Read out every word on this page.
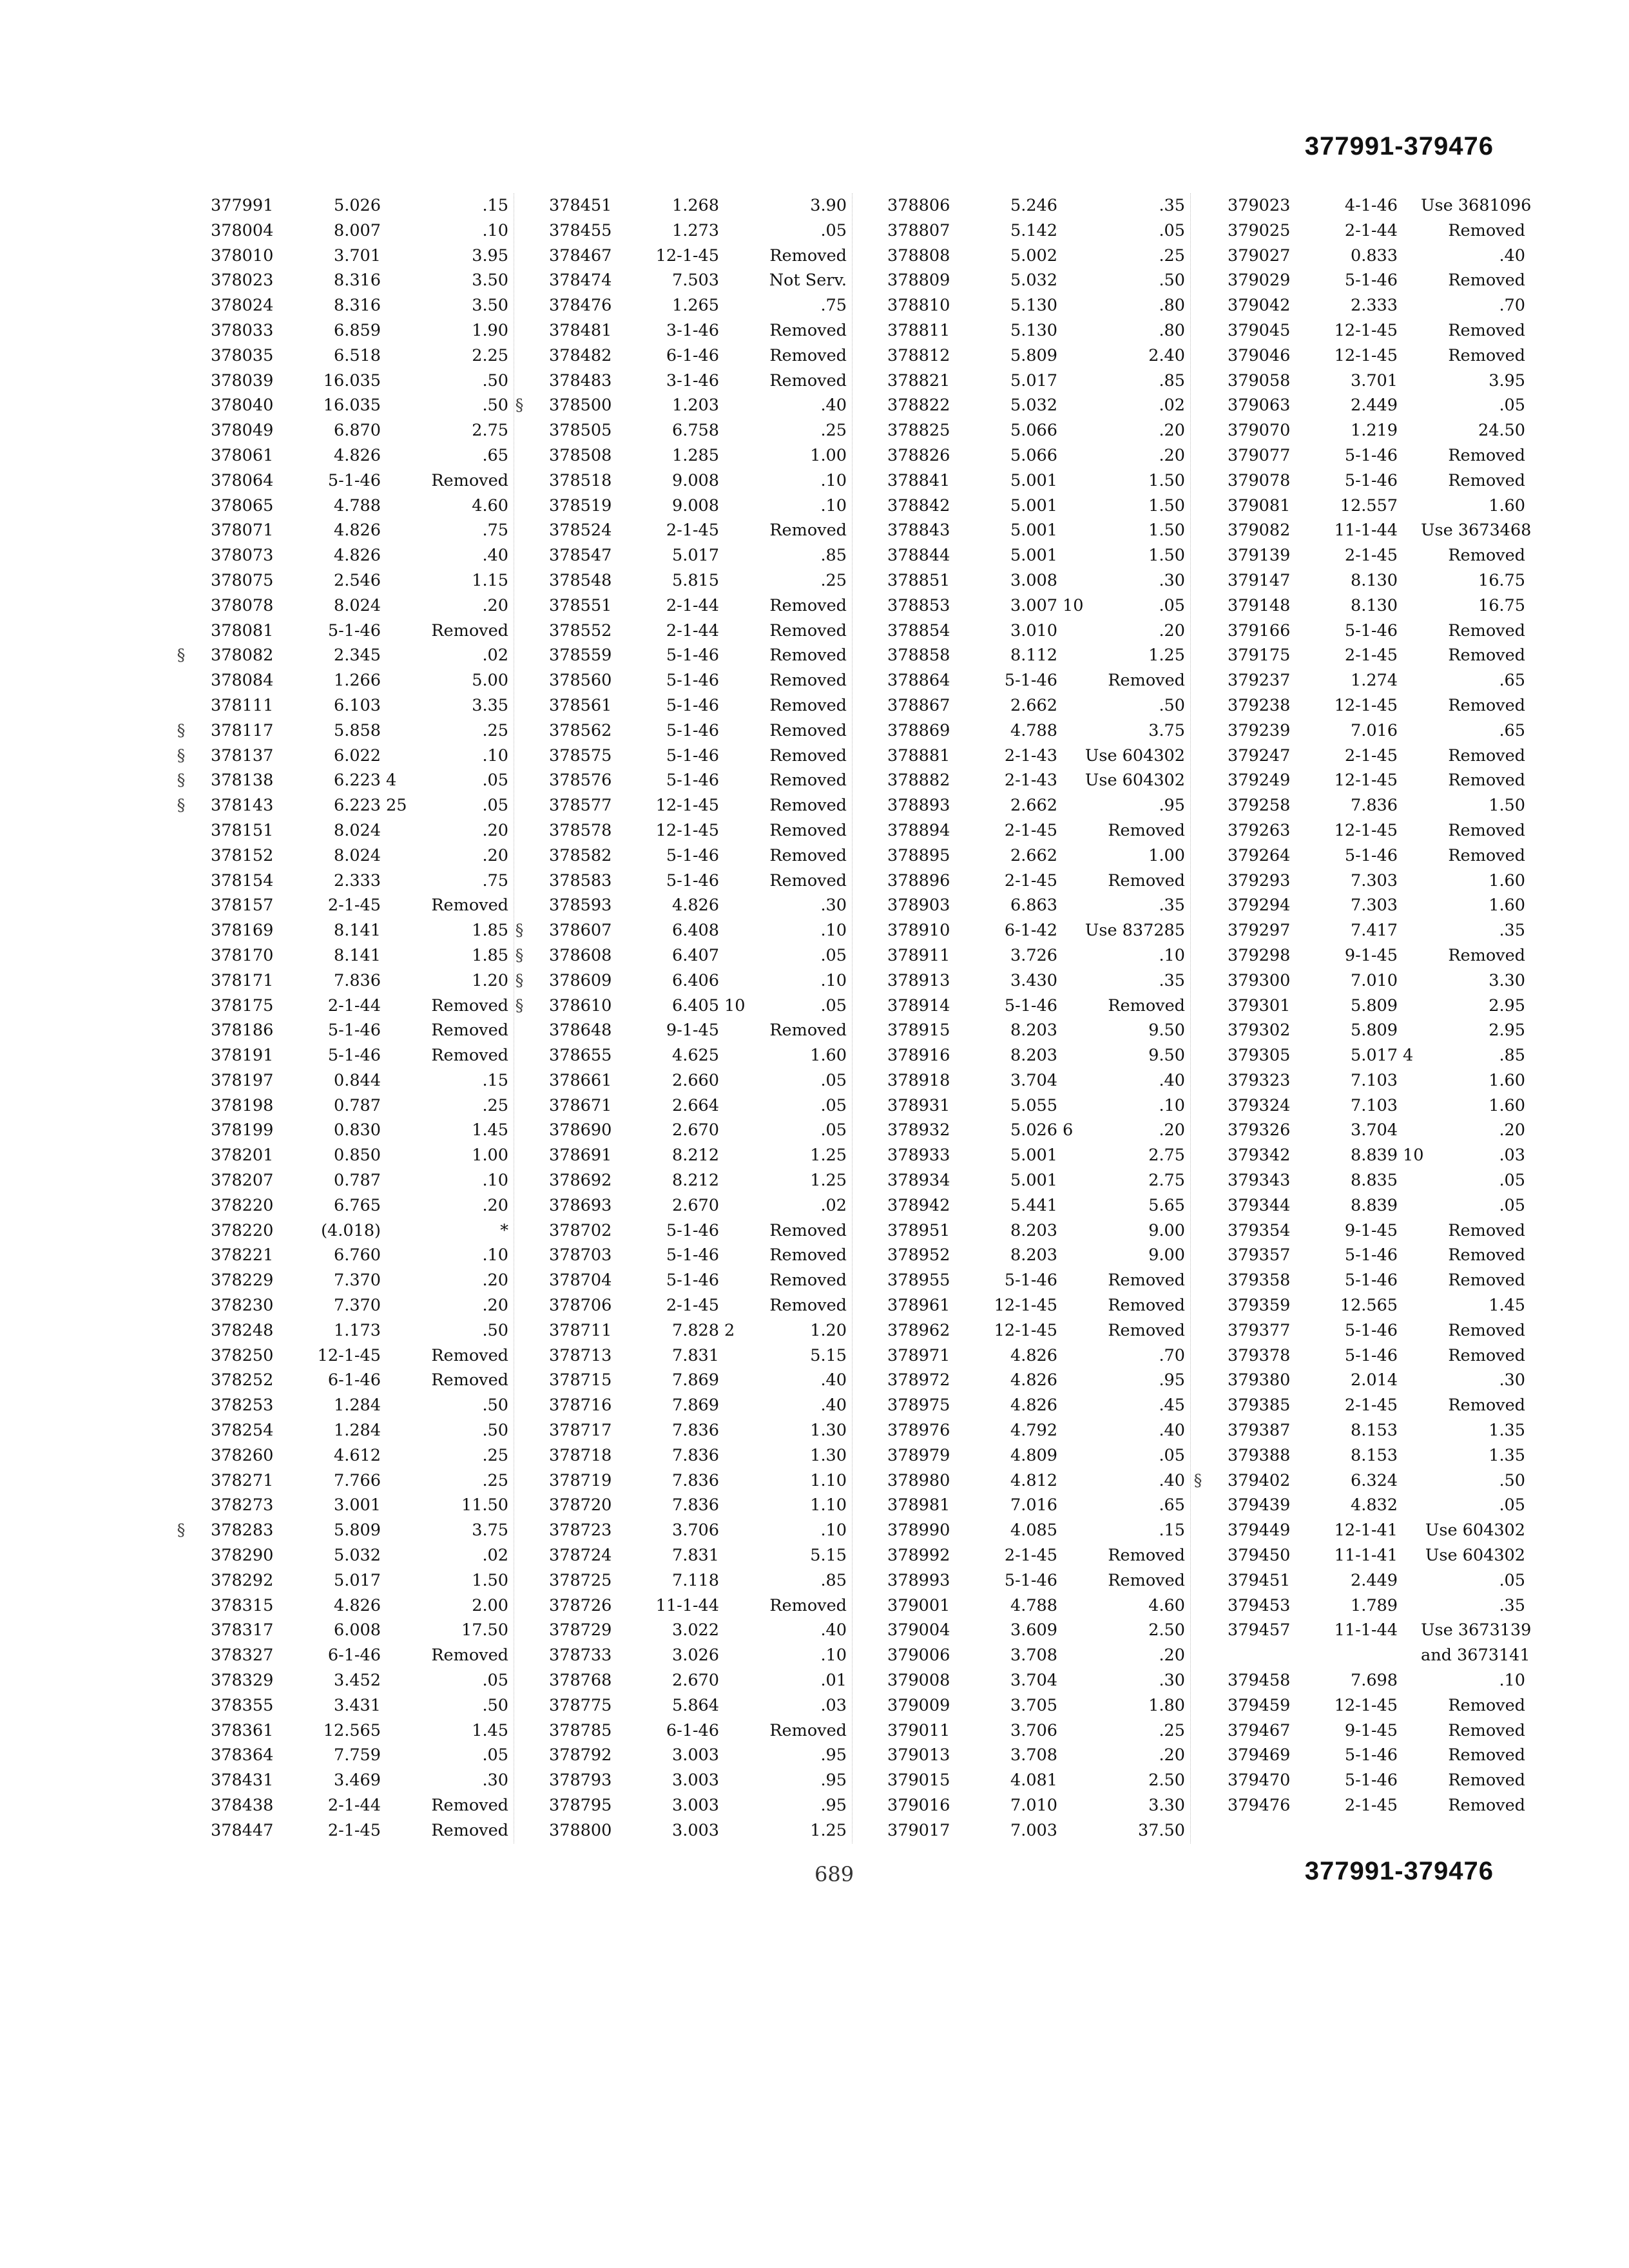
377991-379476
377991	5.026	.15
378004	8.007	.10
378010	3.701	3.95
378023	8.316	3.50
378024	8.316	3.50
378033	6.859	1.90
378035	6.518	2.25
378039	16.035	.50
378040	16.035	.50
378049	6.870	2.75
378061	4.826	.65
378064	5-1-46	Removed
378065	4.788	4.60
378071	4.826	.75
378073	4.826	.40
378075	2.546	1.15
378078	8.024	.20
378081	5-1-46	Removed
§ 378082	2.345	.02
378084	1.266	5.00
378111	6.103	3.35
§ 378117	5.858	.25
§ 378137	6.022	.10
§ 378138	6.223 4	.05
§ 378143	6.223 25	.05
378151	8.024	.20
378152	8.024	.20
378154	2.333	.75
378157	2-1-45	Removed
378169	8.141	1.85
378170	8.141	1.85
378171	7.836	1.20
378175	2-1-44	Removed
378186	5-1-46	Removed
378191	5-1-46	Removed
378197	0.844	.15
378198	0.787	.25
378199	0.830	1.45
378201	0.850	1.00
378207	0.787	.10
378220	6.765	.20
378220	(4.018)	*
378221	6.760	.10
378229	7.370	.20
378230	7.370	.20
378248	1.173	.50
378250	12-1-45	Removed
378252	6-1-46	Removed
378253	1.284	.50
378254	1.284	.50
378260	4.612	.25
378271	7.766	.25
378273	3.001	11.50
§ 378283	5.809	3.75
378290	5.032	.02
378292	5.017	1.50
378315	4.826	2.00
378317	6.008	17.50
378327	6-1-46	Removed
378329	3.452	.05
378355	3.431	.50
378361	12.565	1.45
378364	7.759	.05
378431	3.469	.30
378438	2-1-44	Removed
378447	2-1-45	Removed
378451	1.268	3.90
378455	1.273	.05
378467	12-1-45	Removed
378474	7.503	Not Serv.
378476	1.265	.75
378481	3-1-46	Removed
378482	6-1-46	Removed
378483	3-1-46	Removed
§ 378500	1.203	.40
378505	6.758	.25
378508	1.285	1.00
378518	9.008	.10
378519	9.008	.10
378524	2-1-45	Removed
378547	5.017	.85
378548	5.815	.25
378551	2-1-44	Removed
378552	2-1-44	Removed
378559	5-1-46	Removed
378560	5-1-46	Removed
378561	5-1-46	Removed
378562	5-1-46	Removed
378575	5-1-46	Removed
378576	5-1-46	Removed
378577	12-1-45	Removed
378578	12-1-45	Removed
378582	5-1-46	Removed
378583	5-1-46	Removed
378593	4.826	.30
§ 378607	6.408	.10
§ 378608	6.407	.05
§ 378609	6.406	.10
§ 378610	6.405 10	.05
378648	9-1-45	Removed
378655	4.625	1.60
378661	2.660	.05
378671	2.664	.05
378690	2.670	.05
378691	8.212	1.25
378692	8.212	1.25
378693	2.670	.02
378702	5-1-46	Removed
378703	5-1-46	Removed
378704	5-1-46	Removed
378706	2-1-45	Removed
378711	7.828 2	1.20
378713	7.831	5.15
378715	7.869	.40
378716	7.869	.40
378717	7.836	1.30
378718	7.836	1.30
378719	7.836	1.10
378720	7.836	1.10
378723	3.706	.10
378724	7.831	5.15
378725	7.118	.85
378726	11-1-44	Removed
378729	3.022	.40
378733	3.026	.10
378768	2.670	.01
378775	5.864	.03
378785	6-1-46	Removed
378792	3.003	.95
378793	3.003	.95
378795	3.003	.95
378800	3.003	1.25
378806	5.246	.35
378807	5.142	.05
378808	5.002	.25
378809	5.032	.50
378810	5.130	.80
378811	5.130	.80
378812	5.809	2.40
378821	5.017	.85
378822	5.032	.02
378825	5.066	.20
378826	5.066	.20
378841	5.001	1.50
378842	5.001	1.50
378843	5.001	1.50
378844	5.001	1.50
378851	3.008	.30
378853	3.007 10	.05
378854	3.010	.20
378858	8.112	1.25
378864	5-1-46	Removed
378867	2.662	.50
378869	4.788	3.75
378881	2-1-43 Use 604302
378882	2-1-43 Use 604302
378893	2.662	.95
378894	2-1-45	Removed
378895	2.662	1.00
378896	2-1-45	Removed
378903	6.863	.35
378910	6-1-42 Use 837285
378911	3.726	.10
378913	3.430	.35
378914	5-1-46	Removed
378915	8.203	9.50
378916	8.203	9.50
378918	3.704	.40
378931	5.055	.10
378932	5.026 6	.20
378933	5.001	2.75
378934	5.001	2.75
378942	5.441	5.65
378951	8.203	9.00
378952	8.203	9.00
378955	5-1-46	Removed
378961	12-1-45	Removed
378962	12-1-45	Removed
378971	4.826	.70
378972	4.826	.95
378975	4.826	.45
378976	4.792	.40
378979	4.809	.05
378980	4.812	.40
378981	7.016	.65
378990	4.085	.15
378992	2-1-45	Removed
378993	5-1-46	Removed
379001	4.788	4.60
379004	3.609	2.50
379006	3.708	.20
379008	3.704	.30
379009	3.705	1.80
379011	3.706	.25
379013	3.708	.20
379015	4.081	2.50
379016	7.010	3.30
379017	7.003	37.50
379023	4-1-46 Use 3681096
379025	2-1-44	Removed
379027	0.833	.40
379029	5-1-46	Removed
379042	2.333	.70
379045	12-1-45	Removed
379046	12-1-45	Removed
379058	3.701	3.95
379063	2.449	.05
379070	1.219	24.50
379077	5-1-46	Removed
379078	5-1-46	Removed
379081	12.557	1.60
379082	11-1-44 Use 3673468
379139	2-1-45	Removed
379147	8.130	16.75
379148	8.130	16.75
379166	5-1-46	Removed
379175	2-1-45	Removed
379237	1.274	.65
379238	12-1-45	Removed
379239	7.016	.65
379247	2-1-45	Removed
379249	12-1-45	Removed
379258	7.836	1.50
379263	12-1-45	Removed
379264	5-1-46	Removed
379293	7.303	1.60
379294	7.303	1.60
379297	7.417	.35
379298	9-1-45	Removed
379300	7.010	3.30
379301	5.809	2.95
379302	5.809	2.95
379305	5.017 4	.85
379323	7.103	1.60
379324	7.103	1.60
379326	3.704	.20
379342	8.839 10	.03
379343	8.835	.05
379344	8.839	.05
379354	9-1-45	Removed
379357	5-1-46	Removed
379358	5-1-46	Removed
379359	12.565	1.45
379377	5-1-46	Removed
379378	5-1-46	Removed
379380	2.014	.30
379385	2-1-45	Removed
379387	8.153	1.35
379388	8.153	1.35
§ 379402	6.324	.50
379439	4.832	.05
379449	12-1-41 Use 604302
379450	11-1-41 Use 604302
379451	2.449	.05
379453	1.789	.35
379457	11-1-44 Use 3673139
and 3673141
379458	7.698	.10
379459	12-1-45	Removed
379467	9-1-45	Removed
379469	5-1-46	Removed
379470	5-1-46	Removed
379476	2-1-45	Removed
689	377991-379476
